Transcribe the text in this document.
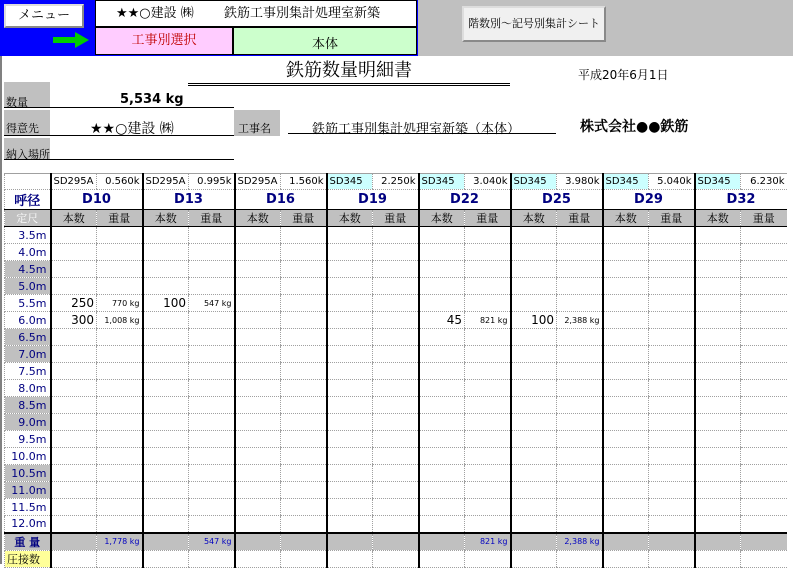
メニュー	★★○建設 ㈱ 鉄筋工事別集計処理室新築
工事別選択	本体
階数別～記号別集計シート
鉄筋数量明細書	平成20年6月1日
数量	5,534 kg
得意先	★★○建設 ㈱	工事名	鉄筋工事別集計処理室新築（本体）	株式会社●●鉄筋
納入場所
	SD295A	0.560k	SD295A	0.995k	SD295A	1.560k	SD345	2.250k	SD345	3.040k	SD345	3.980k	SD345	5.040k	SD345	6.230k
呼径	D10		D13		D16		D19		D22		D25		D29		D32	
定尺	本数	重量	本数	重量	本数	重量	本数	重量	本数	重量	本数	重量	本数	重量	本数	重量
3.5m																
4.0m																
4.5m																
5.0m																
5.5m	250	770 kg	100	547 kg												
6.0m	300	1,008 kg							45	821 kg	100	2,388 kg				
6.5m																
7.0m																
7.5m																
8.0m																
8.5m																
9.0m																
9.5m																
10.0m																
10.5m																
11.0m																
11.5m																
12.0m																
重 量		1,778 kg		547 kg						821 kg		2,388 kg				
圧接数																
